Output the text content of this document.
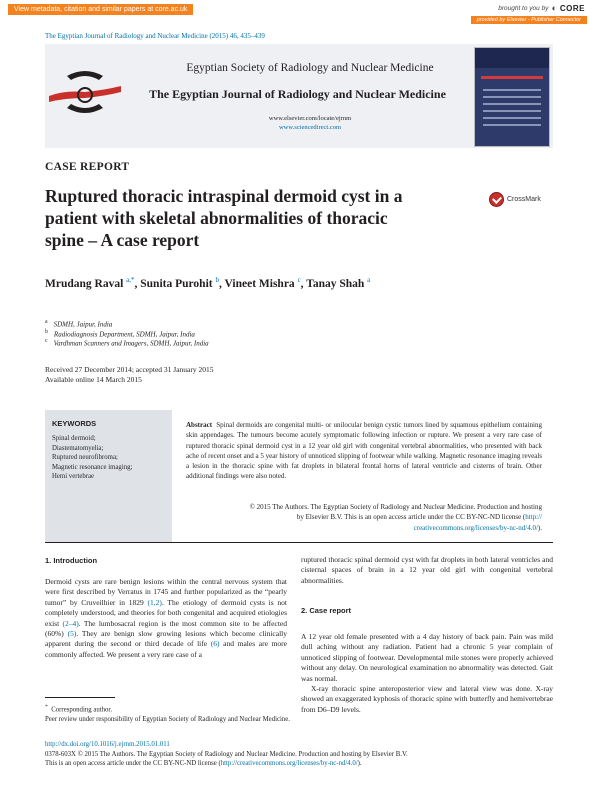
View metadata, citation and similar papers at core.ac.uk	brought to you by ◐ CORE
provided by Elsevier - Publisher Connector
The Egyptian Journal of Radiology and Nuclear Medicine (2015) 46, 435–439
Egyptian Society of Radiology and Nuclear Medicine
The Egyptian Journal of Radiology and Nuclear Medicine
www.elsevier.com/locate/ejrnm
www.sciencedirect.com
CASE REPORT
Ruptured thoracic intraspinal dermoid cyst in a
patient with skeletal abnormalities of thoracic
spine – A case report
CrossMark
Mrudang Raval $^{a,*}$, Sunita Purohit $^b$, Vineet Mishra $^c$, Tanay Shah $^a$
$^a$ SDMH, Jaipur, India
$^b$ Radiodiagnosis Department, SDMH, Jaipur, India
$^c$ Vardhman Scanners and Imagers, SDMH, Jaipur, India
Received 27 December 2014; accepted 31 January 2015
Available online 14 March 2015
KEYWORDS
Spinal dermoid;
Diastematomyelia;
Ruptured neurofibroma;
Magnetic resonance imaging;
Hemi vertebrae
Abstract Spinal dermoids are congenital multi- or unilocular benign cystic tumors lined by squamous epithelium containing skin appendages. The tumours become acutely symptomatic following infection or rupture. We present a very rare case of ruptured thoracic spinal dermoid cyst in a 12 year old girl with congenital vertebral abnormalities, who presented with back ache of recent onset and a 5 year history of unnoticed slipping of footwear while walking. Magnetic resonance imaging reveals a lesion in the thoracic spine with fat droplets in bilateral frontal horns of lateral ventricle and cisterns of brain. Other additional findings were also noted.
© 2015 The Authors. The Egyptian Society of Radiology and Nuclear Medicine. Production and hosting
by Elsevier B.V. This is an open access article under the CC BY-NC-ND license (http://
creativecommons.org/licenses/by-nc-nd/4.0/).
1. Introduction
Dermoid cysts are rare benign lesions within the central nervous system that were first described by Verratus in 1745 and further popularized as the “pearly tumor” by Cruveilhier in 1829 (1,2). The etiology of dermoid cysts is not completely understood, and theories for both congenital and acquired etiologies exist (2–4). The lumbosacral region is the most common site to be affected (60%) (5). They are benign slow growing lesions which become clinically apparent during the second or third decade of life (6) and males are more commonly affected. We present a very rare case of a
ruptured thoracic spinal dermoid cyst with fat droplets in both lateral ventricles and cisternal spaces of brain in a 12 year old girl with congenital vertebral abnormalities.
2. Case report
A 12 year old female presented with a 4 day history of back pain. Pain was mild dull aching without any radiation. Patient had a chronic 5 year complain of unnoticed slipping of footwear. Developmental mile stones were properly achieved without any delay. On neurological examination no abnormality was detected. Gait was normal.
X-ray thoracic spine anteroposterior view and lateral view was done. X-ray showed an exaggerated kyphosis of thoracic spine with butterfly and hemivertebrae from D6–D9 levels.
* Corresponding author.
Peer review under responsibility of Egyptian Society of Radiology and Nuclear Medicine.
http://dx.doi.org/10.1016/j.ejrnm.2015.01.011
0378-603X © 2015 The Authors. The Egyptian Society of Radiology and Nuclear Medicine. Production and hosting by Elsevier B.V.
This is an open access article under the CC BY-NC-ND license (http://creativecommons.org/licenses/by-nc-nd/4.0/).
